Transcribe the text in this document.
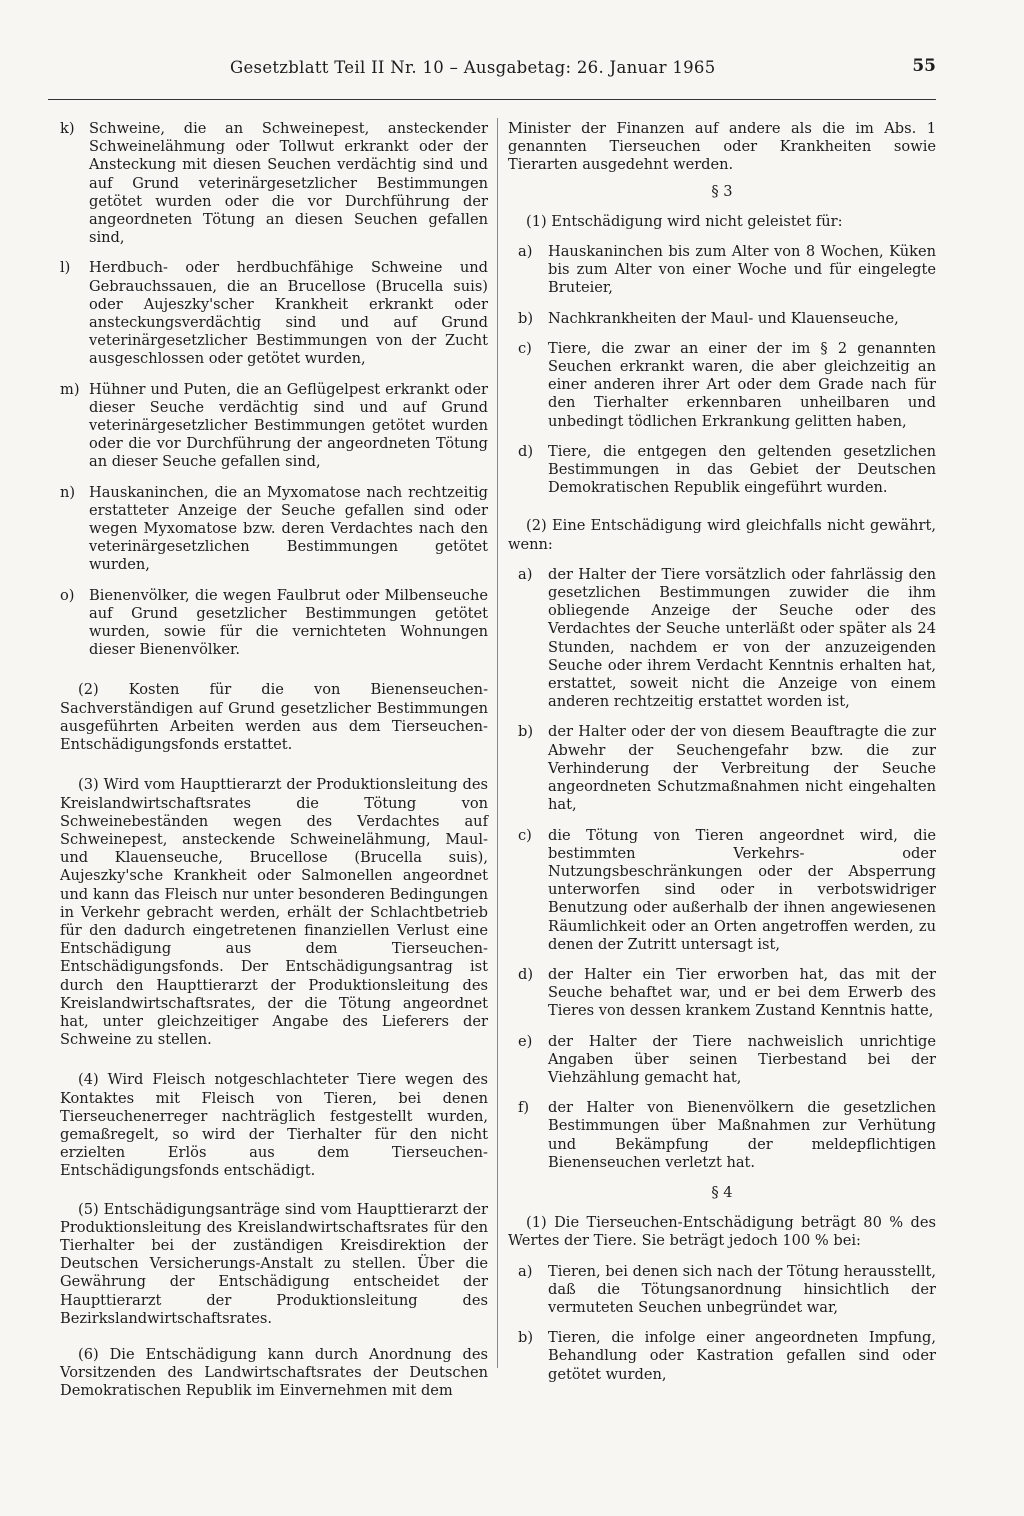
Gesetzblatt Teil II Nr. 10 – Ausgabetag: 26. Januar 1965	55
k) Schweine, die an Schweinepest, ansteckender Schweinelähmung oder Tollwut erkrankt oder der Ansteckung mit diesen Seuchen verdächtig sind und auf Grund veterinärgesetzlicher Bestimmungen getötet wurden oder die vor Durchführung der angeordneten Tötung an diesen Seuchen gefallen sind,
l)	Herdbuch- oder herdbuchfähige Schweine und Gebrauchssauen, die an Brucellose (Brucella suis) oder Aujeszky'scher Krankheit erkrankt oder ansteckungsverdächtig sind und auf Grund veterinärgesetzlicher Bestimmungen von der Zucht ausgeschlossen oder getötet wurden,
m) Hühner und Puten, die an Geflügelpest erkrankt oder dieser Seuche verdächtig sind und auf Grund veterinärgesetzlicher Bestimmungen getötet wurden oder die vor Durchführung der angeordneten Tötung an dieser Seuche gefallen sind,
n) Hauskaninchen, die an Myxomatose nach rechtzeitig erstatteter Anzeige der Seuche gefallen sind oder wegen Myxomatose bzw. deren Verdachtes nach den veterinärgesetzlichen Bestimmungen getötet wurden,
o) Bienenvölker, die wegen Faulbrut oder Milbenseuche auf Grund gesetzlicher Bestimmungen getötet wurden, sowie für die vernichteten Wohnungen dieser Bienenvölker.

(2) Kosten für die von Bienenseuchen-Sachverständigen auf Grund gesetzlicher Bestimmungen ausgeführten Arbeiten werden aus dem Tierseuchen-Entschädigungsfonds erstattet.

(3) Wird vom Haupttierarzt der Produktionsleitung des Kreislandwirtschaftsrates die Tötung von Schweinebeständen wegen des Verdachtes auf Schweinepest, ansteckende Schweinelähmung, Maul- und Klauenseuche, Brucellose (Brucella suis), Aujeszky'sche Krankheit oder Salmonellen angeordnet und kann das Fleisch nur unter besonderen Bedingungen in Verkehr gebracht werden, erhält der Schlachtbetrieb für den dadurch eingetretenen finanziellen Verlust eine Entschädigung aus dem Tierseuchen-Entschädigungsfonds. Der Entschädigungsantrag ist durch den Haupttierarzt der Produktionsleitung des Kreislandwirtschaftsrates, der die Tötung angeordnet hat, unter gleichzeitiger Angabe des Lieferers der Schweine zu stellen.

(4) Wird Fleisch notgeschlachteter Tiere wegen des Kontaktes mit Fleisch von Tieren, bei denen Tierseuchenerreger nachträglich festgestellt wurden, gemaßregelt, so wird der Tierhalter für den nicht erzielten Erlös aus dem Tierseuchen-Entschädigungsfonds entschädigt.

(5) Entschädigungsanträge sind vom Haupttierarzt der Produktionsleitung des Kreislandwirtschaftsrates für den Tierhalter bei der zuständigen Kreisdirektion der Deutschen Versicherungs-Anstalt zu stellen. Über die Gewährung der Entschädigung entscheidet der Haupttierarzt der Produktionsleitung des Bezirkslandwirtschaftsrates.

(6) Die Entschädigung kann durch Anordnung des Vorsitzenden des Landwirtschaftsrates der Deutschen Demokratischen Republik im Einvernehmen mit dem

Minister der Finanzen auf andere als die im Abs. 1 genannten Tierseuchen oder Krankheiten sowie Tierarten ausgedehnt werden.

§ 3

(1) Entschädigung wird nicht geleistet für:

a)	Hauskaninchen bis zum Alter von 8 Wochen, Küken bis zum Alter von einer Woche und für eingelegte Bruteier,
b)	Nachkrankheiten der Maul- und Klauenseuche,
c)	Tiere, die zwar an einer der im § 2 genannten Seuchen erkrankt waren, die aber gleichzeitig an einer anderen ihrer Art oder dem Grade nach für den Tierhalter erkennbaren unheilbaren und unbedingt tödlichen Erkrankung gelitten haben,
d)	Tiere, die entgegen den geltenden gesetzlichen Bestimmungen in das Gebiet der Deutschen Demokratischen Republik eingeführt wurden.

(2) Eine Entschädigung wird gleichfalls nicht gewährt, wenn:

a)	der Halter der Tiere vorsätzlich oder fahrlässig den gesetzlichen Bestimmungen zuwider die ihm obliegende Anzeige der Seuche oder des Verdachtes der Seuche unterläßt oder später als 24 Stunden, nachdem er von der anzuzeigenden Seuche oder ihrem Verdacht Kenntnis erhalten hat, erstattet, soweit nicht die Anzeige von einem anderen rechtzeitig erstattet worden ist,
b)	der Halter oder der von diesem Beauftragte die zur Abwehr der Seuchengefahr bzw. die zur Verhinderung der Verbreitung der Seuche angeordneten Schutzmaßnahmen nicht eingehalten hat,
c)	die Tötung von Tieren angeordnet wird, die bestimmten Verkehrs- oder Nutzungsbeschränkungen oder der Absperrung unterworfen sind oder in verbotswidriger Benutzung oder außerhalb der ihnen angewiesenen Räumlichkeit oder an Orten angetroffen werden, zu denen der Zutritt untersagt ist,
d)	der Halter ein Tier erworben hat, das mit der Seuche behaftet war, und er bei dem Erwerb des Tieres von dessen krankem Zustand Kenntnis hatte,
e)	der Halter der Tiere nachweislich unrichtige Angaben über seinen Tierbestand bei der Viehzählung gemacht hat,
f)	der Halter von Bienenvölkern die gesetzlichen Bestimmungen über Maßnahmen zur Verhütung und Bekämpfung der meldepflichtigen Bienenseuchen verletzt hat.
§ 4

(1) Die Tierseuchen-Entschädigung beträgt 80 % des Wertes der Tiere. Sie beträgt jedoch 100 % bei:

a)	Tieren, bei denen sich nach der Tötung herausstellt, daß die Tötungsanordnung hinsichtlich der vermuteten Seuchen unbegründet war,
b)	Tieren, die infolge einer angeordneten Impfung, Behandlung oder Kastration gefallen sind oder getötet wurden,
